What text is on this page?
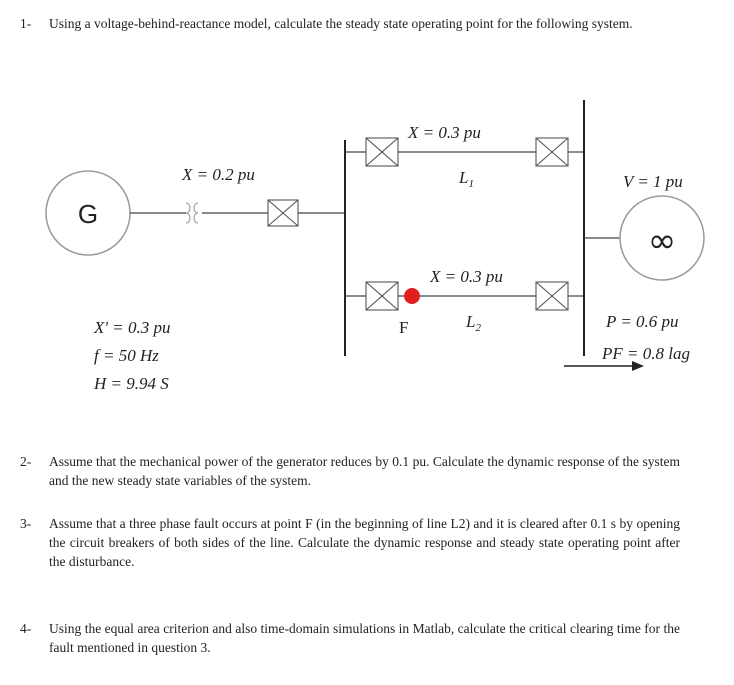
1- Using a voltage-behind-reactance model, calculate the steady state operating point for the following system.
G
∞
X = 0.2 pu
X = 0.3 pu
$L_1$
X = 0.3 pu
$L_2$
F
V = 1 pu
X' = 0.3 pu
f = 50 Hz
H = 9.94 S
P = 0.6 pu
PF = 0.8 lag
2- Assume that the mechanical power of the generator reduces by 0.1 pu. Calculate the dynamic response of the system and the new steady state variables of the system.
3- Assume that a three phase fault occurs at point F (in the beginning of line L2) and it is cleared after 0.1 s by opening the circuit breakers of both sides of the line. Calculate the dynamic response and steady state operating point after the disturbance.
4- Using the equal area criterion and also time-domain simulations in Matlab, calculate the critical clearing time for the fault mentioned in question 3.
